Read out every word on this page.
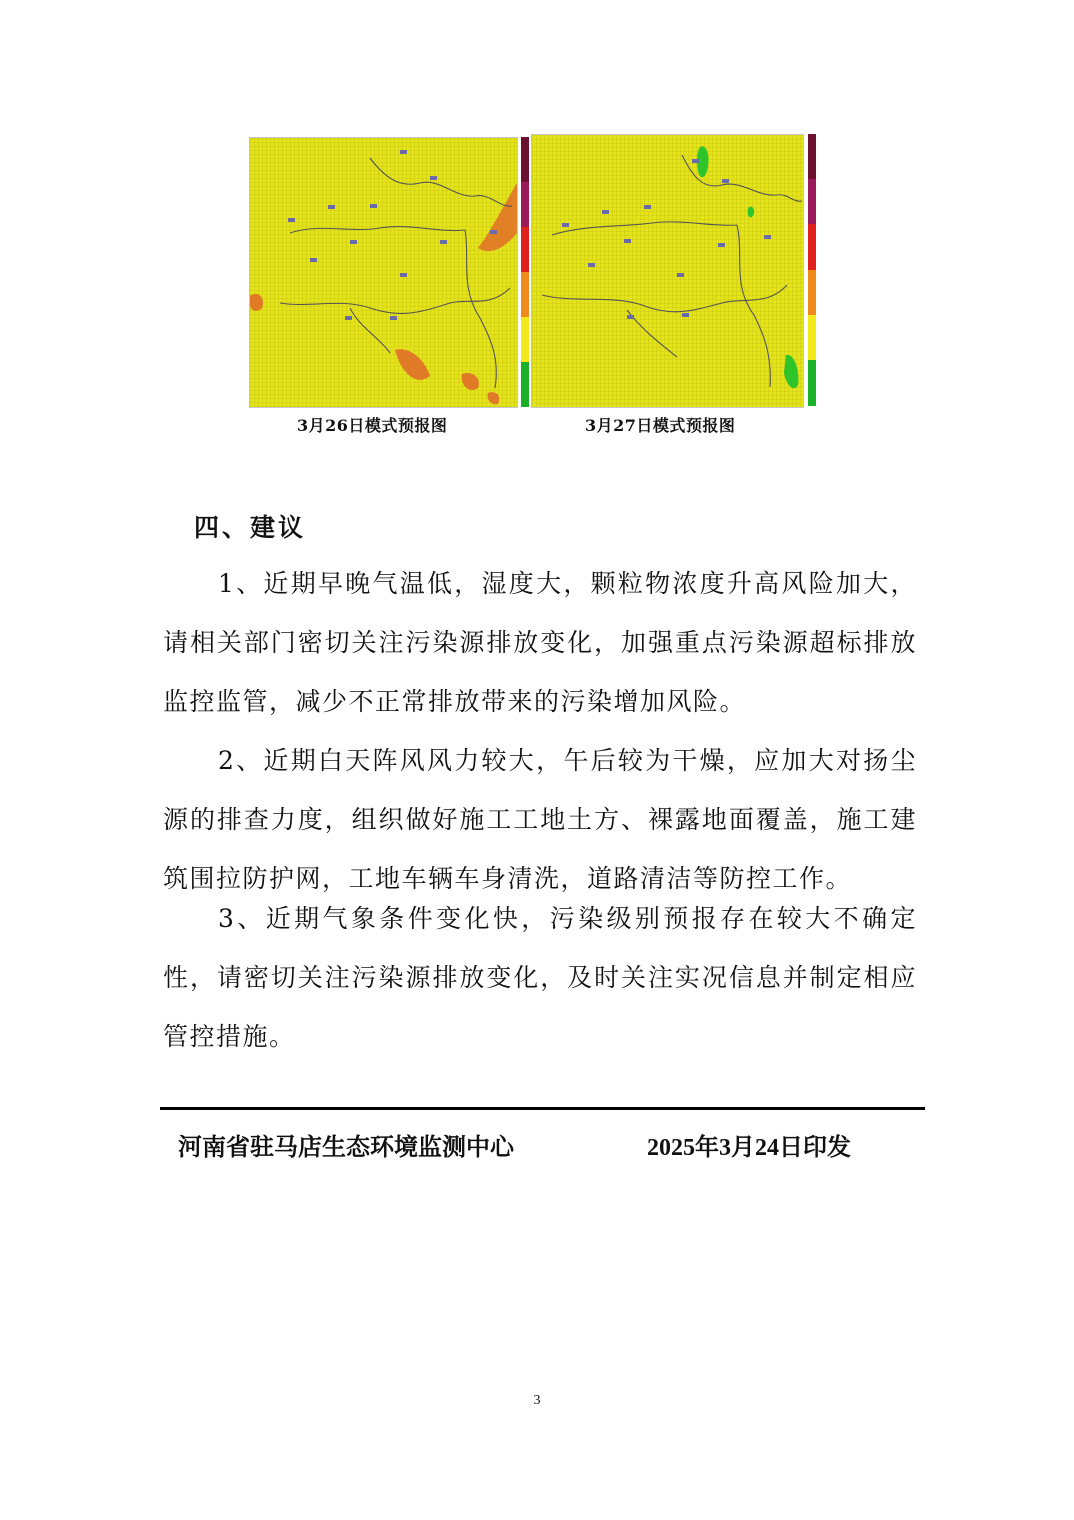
3月26日模式预报图	3月27日模式预报图
四、建议

1、近期早晚气温低，湿度大，颗粒物浓度升高风险加大，请相关部门密切关注污染源排放变化，加强重点污染源超标排放监控监管，减少不正常排放带来的污染增加风险。

2、近期白天阵风风力较大，午后较为干燥，应加大对扬尘源的排查力度，组织做好施工工地土方、裸露地面覆盖，施工建筑围拉防护网，工地车辆车身清洗，道路清洁等防控工作。

3、近期气象条件变化快，污染级别预报存在较大不确定性，请密切关注污染源排放变化，及时关注实况信息并制定相应管控措施。

河南省驻马店生态环境监测中心	2025年3月24日印发
3
